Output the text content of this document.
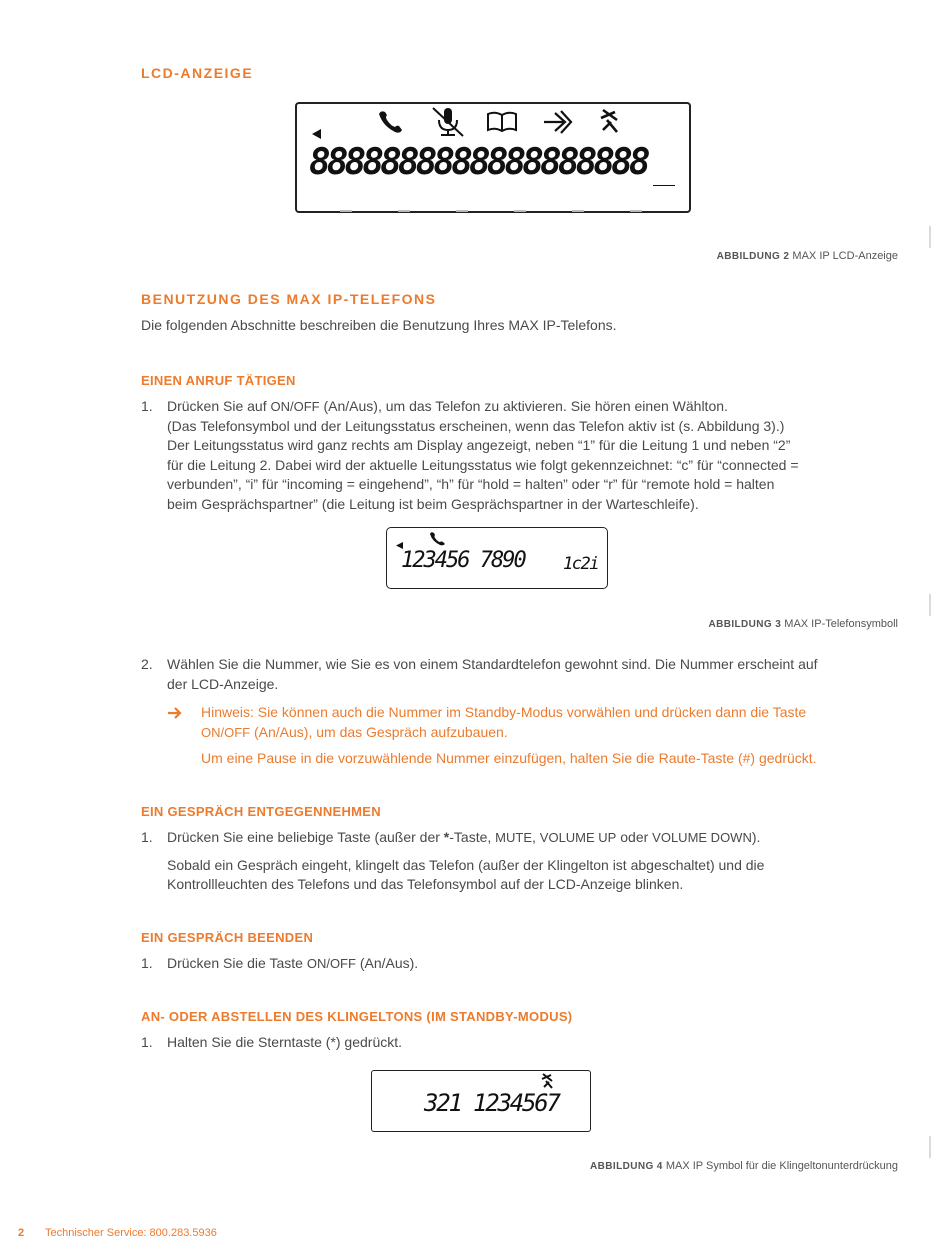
LCD-ANZEIGE
8888888888888888888
ABBILDUNG 2 MAX IP LCD-Anzeige
BENUTZUNG DES MAX IP-TELEFONS
Die folgenden Abschnitte beschreiben die Benutzung Ihres MAX IP-Telefons.
EINEN ANRUF TÄTIGEN
1. Drücken Sie auf ON/OFF (An/Aus), um das Telefon zu aktivieren. Sie hören einen Wählton.
(Das Telefonsymbol und der Leitungsstatus erscheinen, wenn das Telefon aktiv ist (s. Abbildung 3).)
Der Leitungsstatus wird ganz rechts am Display angezeigt, neben “1” für die Leitung 1 und neben “2”
für die Leitung 2. Dabei wird der aktuelle Leitungsstatus wie folgt gekennzeichnet: “c” für “connected =
verbunden”, “i” für “incoming = eingehend”, “h” für “hold = halten” oder “r” für “remote hold = halten
beim Gesprächspartner” (die Leitung ist beim Gesprächspartner in der Warteschleife).
123456 7890 1c2i
ABBILDUNG 3 MAX IP-Telefonsymboll
2. Wählen Sie die Nummer, wie Sie es von einem Standardtelefon gewohnt sind. Die Nummer erscheint auf
der LCD-Anzeige.
Hinweis: Sie können auch die Nummer im Standby-Modus vorwählen und drücken dann die Taste
ON/OFF (An/Aus), um das Gespräch aufzubauen.
Um eine Pause in die vorzuwählende Nummer einzufügen, halten Sie die Raute-Taste (#) gedrückt.
EIN GESPRÄCH ENTGEGENNEHMEN
1. Drücken Sie eine beliebige Taste (außer der *-Taste, MUTE, VOLUME UP oder VOLUME DOWN).
Sobald ein Gespräch eingeht, klingelt das Telefon (außer der Klingelton ist abgeschaltet) und die
Kontrollleuchten des Telefons und das Telefonsymbol auf der LCD-Anzeige blinken.
EIN GESPRÄCH BEENDEN
1. Drücken Sie die Taste ON/OFF (An/Aus).
AN- ODER ABSTELLEN DES KLINGELTONS (IM STANDBY-MODUS)
1. Halten Sie die Sterntaste (*) gedrückt.
321 1234567
ABBILDUNG 4 MAX IP Symbol für die Klingeltonunterdrückung
2 Technischer Service: 800.283.5936
